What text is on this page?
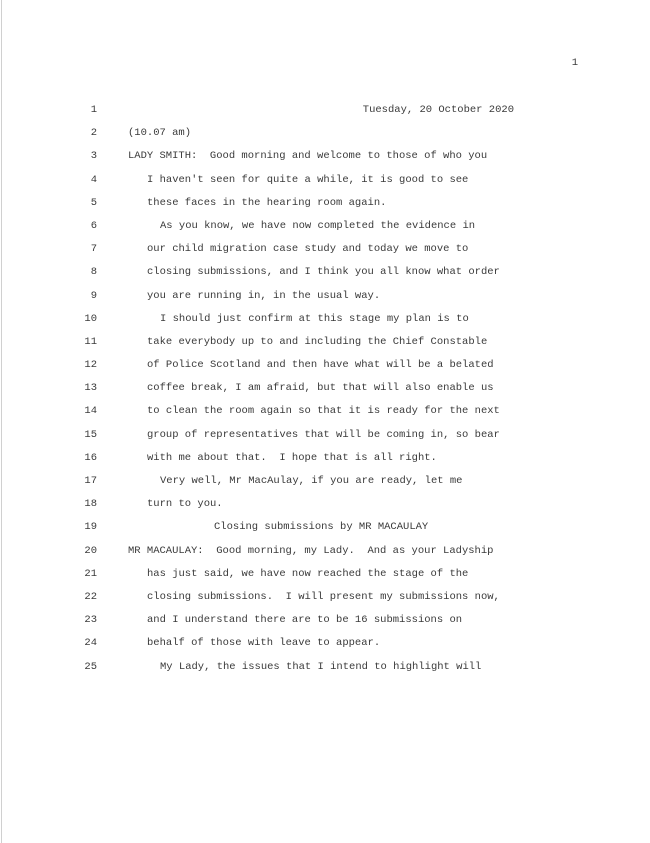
1
1	Tuesday, 20 October 2020
2	(10.07 am)
3	LADY SMITH:  Good morning and welcome to those of who you
4	I haven't seen for quite a while, it is good to see
5	these faces in the hearing room again.
6	As you know, we have now completed the evidence in
7	our child migration case study and today we move to
8	closing submissions, and I think you all know what order
9	you are running in, in the usual way.
10	I should just confirm at this stage my plan is to
11	take everybody up to and including the Chief Constable
12	of Police Scotland and then have what will be a belated
13	coffee break, I am afraid, but that will also enable us
14	to clean the room again so that it is ready for the next
15	group of representatives that will be coming in, so bear
16	with me about that.  I hope that is all right.
17	Very well, Mr MacAulay, if you are ready, let me
18	turn to you.
19	Closing submissions by MR MACAULAY
20	MR MACAULAY:  Good morning, my Lady.  And as your Ladyship
21	has just said, we have now reached the stage of the
22	closing submissions.  I will present my submissions now,
23	and I understand there are to be 16 submissions on
24	behalf of those with leave to appear.
25	My Lady, the issues that I intend to highlight will
